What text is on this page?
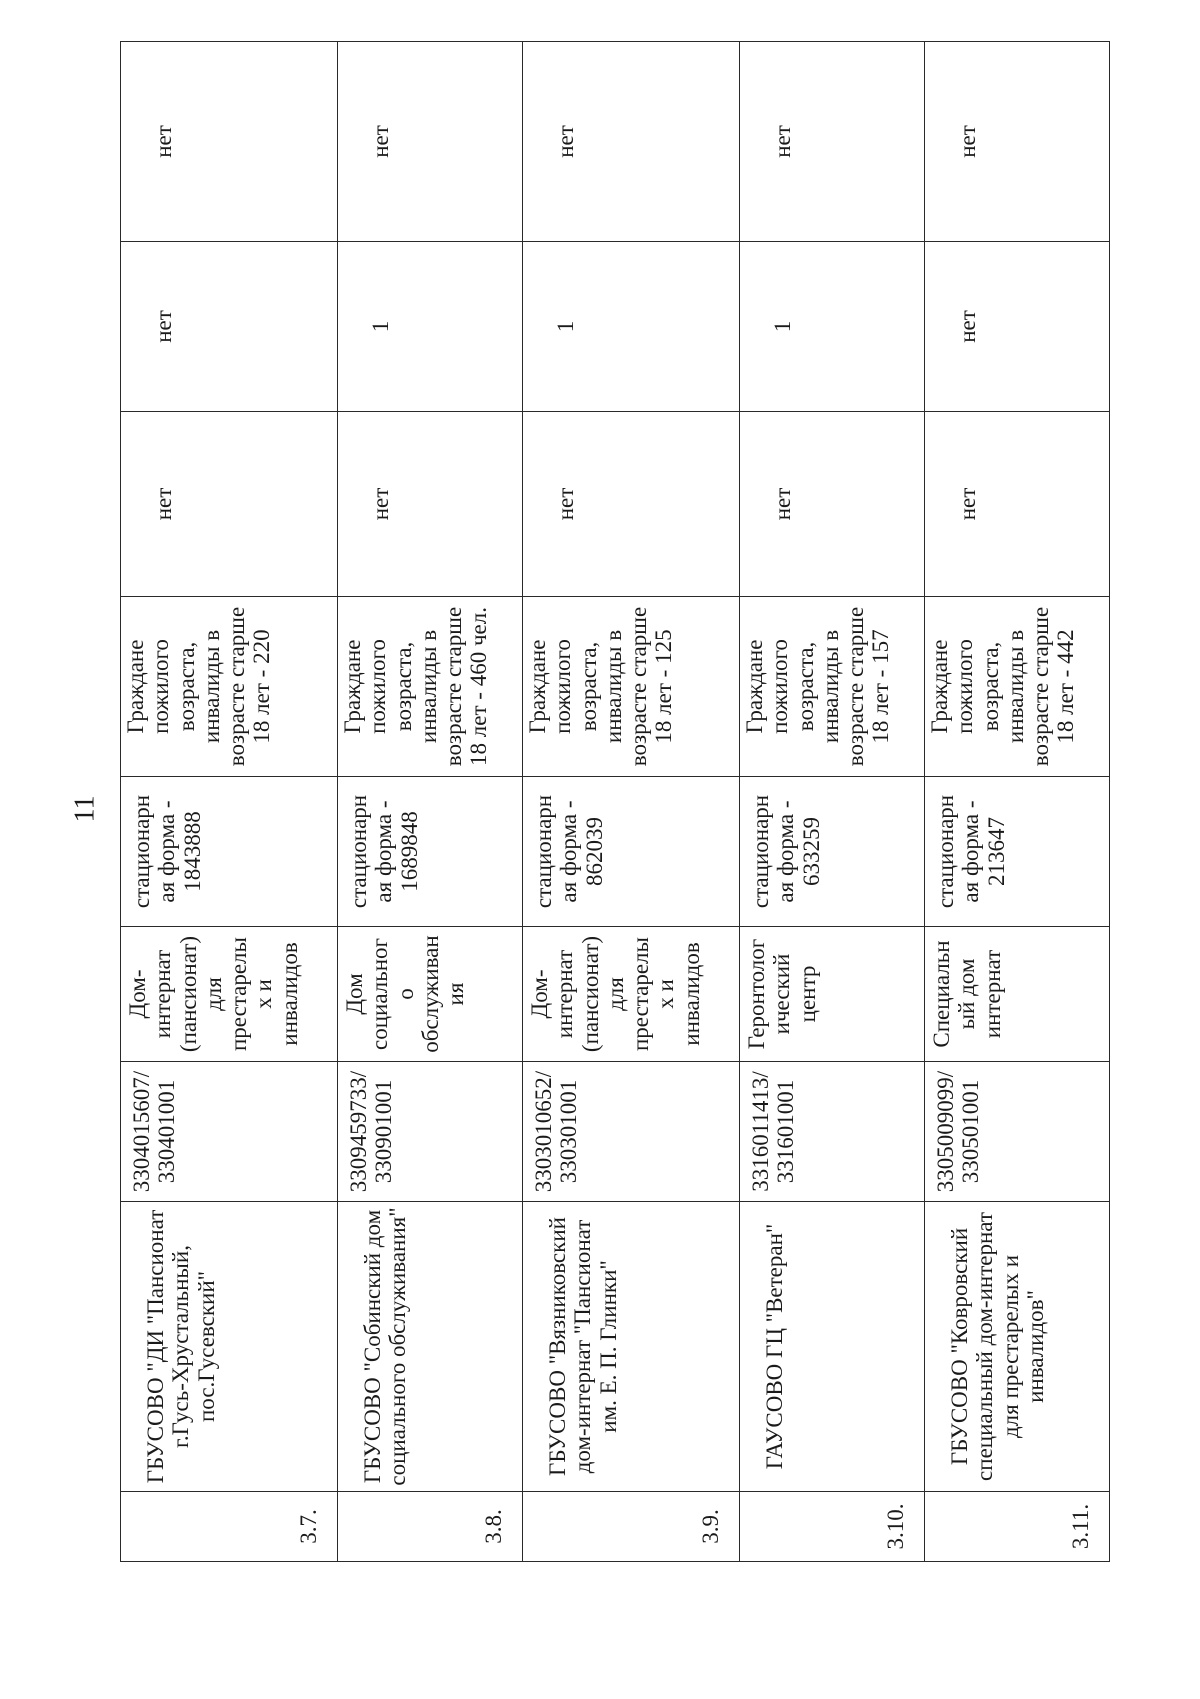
11
3.7.	ГБУСОВО "ДИ "Пансионат г.Гусь-Хрустальный, пос.Гусевский"	3304015607/ 330401001	Дом-интернат (пансионат) для престарелы х и инвалидов	стационарн ая форма - 1843888	Граждане пожилого возраста, инвалиды в возрасте старше 18 лет - 220	нет	нет	нет
3.8.	ГБУСОВО "Собинский дом социального обслуживания"	3309459733/ 330901001	Дом социальног о обслуживан ия	стационарн ая форма - 1689848	Граждане пожилого возраста, инвалиды в возрасте старше 18 лет - 460 чел.	нет	1	нет
3.9.	ГБУСОВО "Вязниковский дом-интернат "Пансионат им. Е. П. Глинки"	3303010652/ 330301001	Дом-интернат (пансионат) для престарелы х и инвалидов	стационарн ая форма - 862039	Граждане пожилого возраста, инвалиды в возрасте старше 18 лет - 125	нет	1	нет
3.10.	ГАУСОВО ГЦ "Ветеран"	3316011413/ 331601001	Геронтолог ический центр	стационарн ая форма - 633259	Граждане пожилого возраста, инвалиды в возрасте старше 18 лет - 157	нет	1	нет
3.11.	ГБУСОВО "Ковровский специальный дом-интернат для престарелых и инвалидов"	3305009099/ 330501001	Специальн ый дом интернат	стационарн ая форма - 213647	Граждане пожилого возраста, инвалиды в возрасте старше 18 лет - 442	нет	нет	нет
